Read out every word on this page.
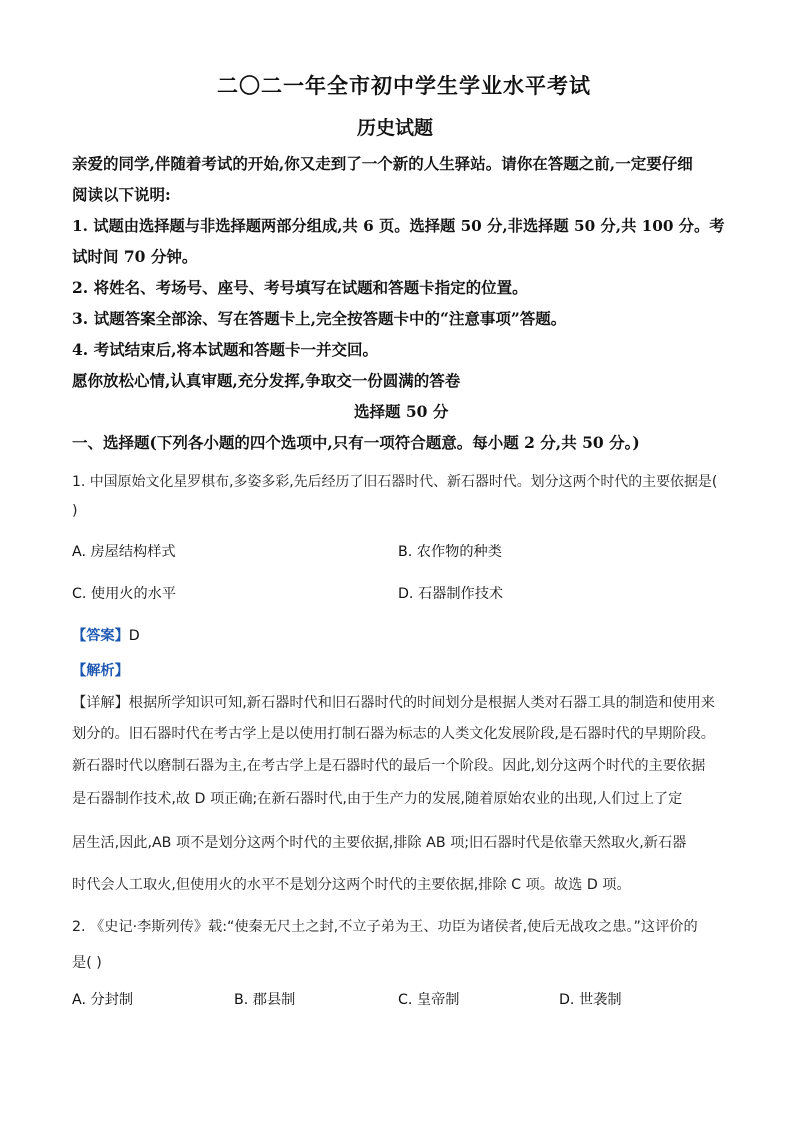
二〇二一年全市初中学生学业水平考试
历史试题
亲爱的同学,伴随着考试的开始,你又走到了一个新的人生驿站。请你在答题之前,一定要仔细
阅读以下说明:
1. 试题由选择题与非选择题两部分组成,共 6 页。选择题 50 分,非选择题 50 分,共 100 分。考
试时间 70 分钟。
2. 将姓名、考场号、座号、考号填写在试题和答题卡指定的位置。
3. 试题答案全部涂、写在答题卡上,完全按答题卡中的“注意事项”答题。
4. 考试结束后,将本试题和答题卡一并交回。
愿你放松心情,认真审题,充分发挥,争取交一份圆满的答卷
选择题 50 分
一、选择题(下列各小题的四个选项中,只有一项符合题意。每小题 2 分,共 50 分。)
1. 中国原始文化星罗棋布,多姿多彩,先后经历了旧石器时代、新石器时代。划分这两个时代的主要依据是(
)
A. 房屋结构样式	B. 农作物的种类
C. 使用火的水平	D. 石器制作技术
【答案】D
【解析】
【详解】根据所学知识可知,新石器时代和旧石器时代的时间划分是根据人类对石器工具的制造和使用来
划分的。旧石器时代在考古学上是以使用打制石器为标志的人类文化发展阶段,是石器时代的早期阶段。
新石器时代以磨制石器为主,在考古学上是石器时代的最后一个阶段。因此,划分这两个时代的主要依据
是石器制作技术,故 D 项正确;在新石器时代,由于生产力的发展,随着原始农业的出现,人们过上了定
居生活,因此,AB 项不是划分这两个时代的主要依据,排除 AB 项;旧石器时代是依靠天然取火,新石器
时代会人工取火,但使用火的水平不是划分这两个时代的主要依据,排除 C 项。故选 D 项。
2. 《史记·李斯列传》载:“使秦无尺土之封,不立子弟为王、功臣为诸侯者,使后无战攻之患。”这评价的
是( )
A. 分封制	B. 郡县制	C. 皇帝制	D. 世袭制
